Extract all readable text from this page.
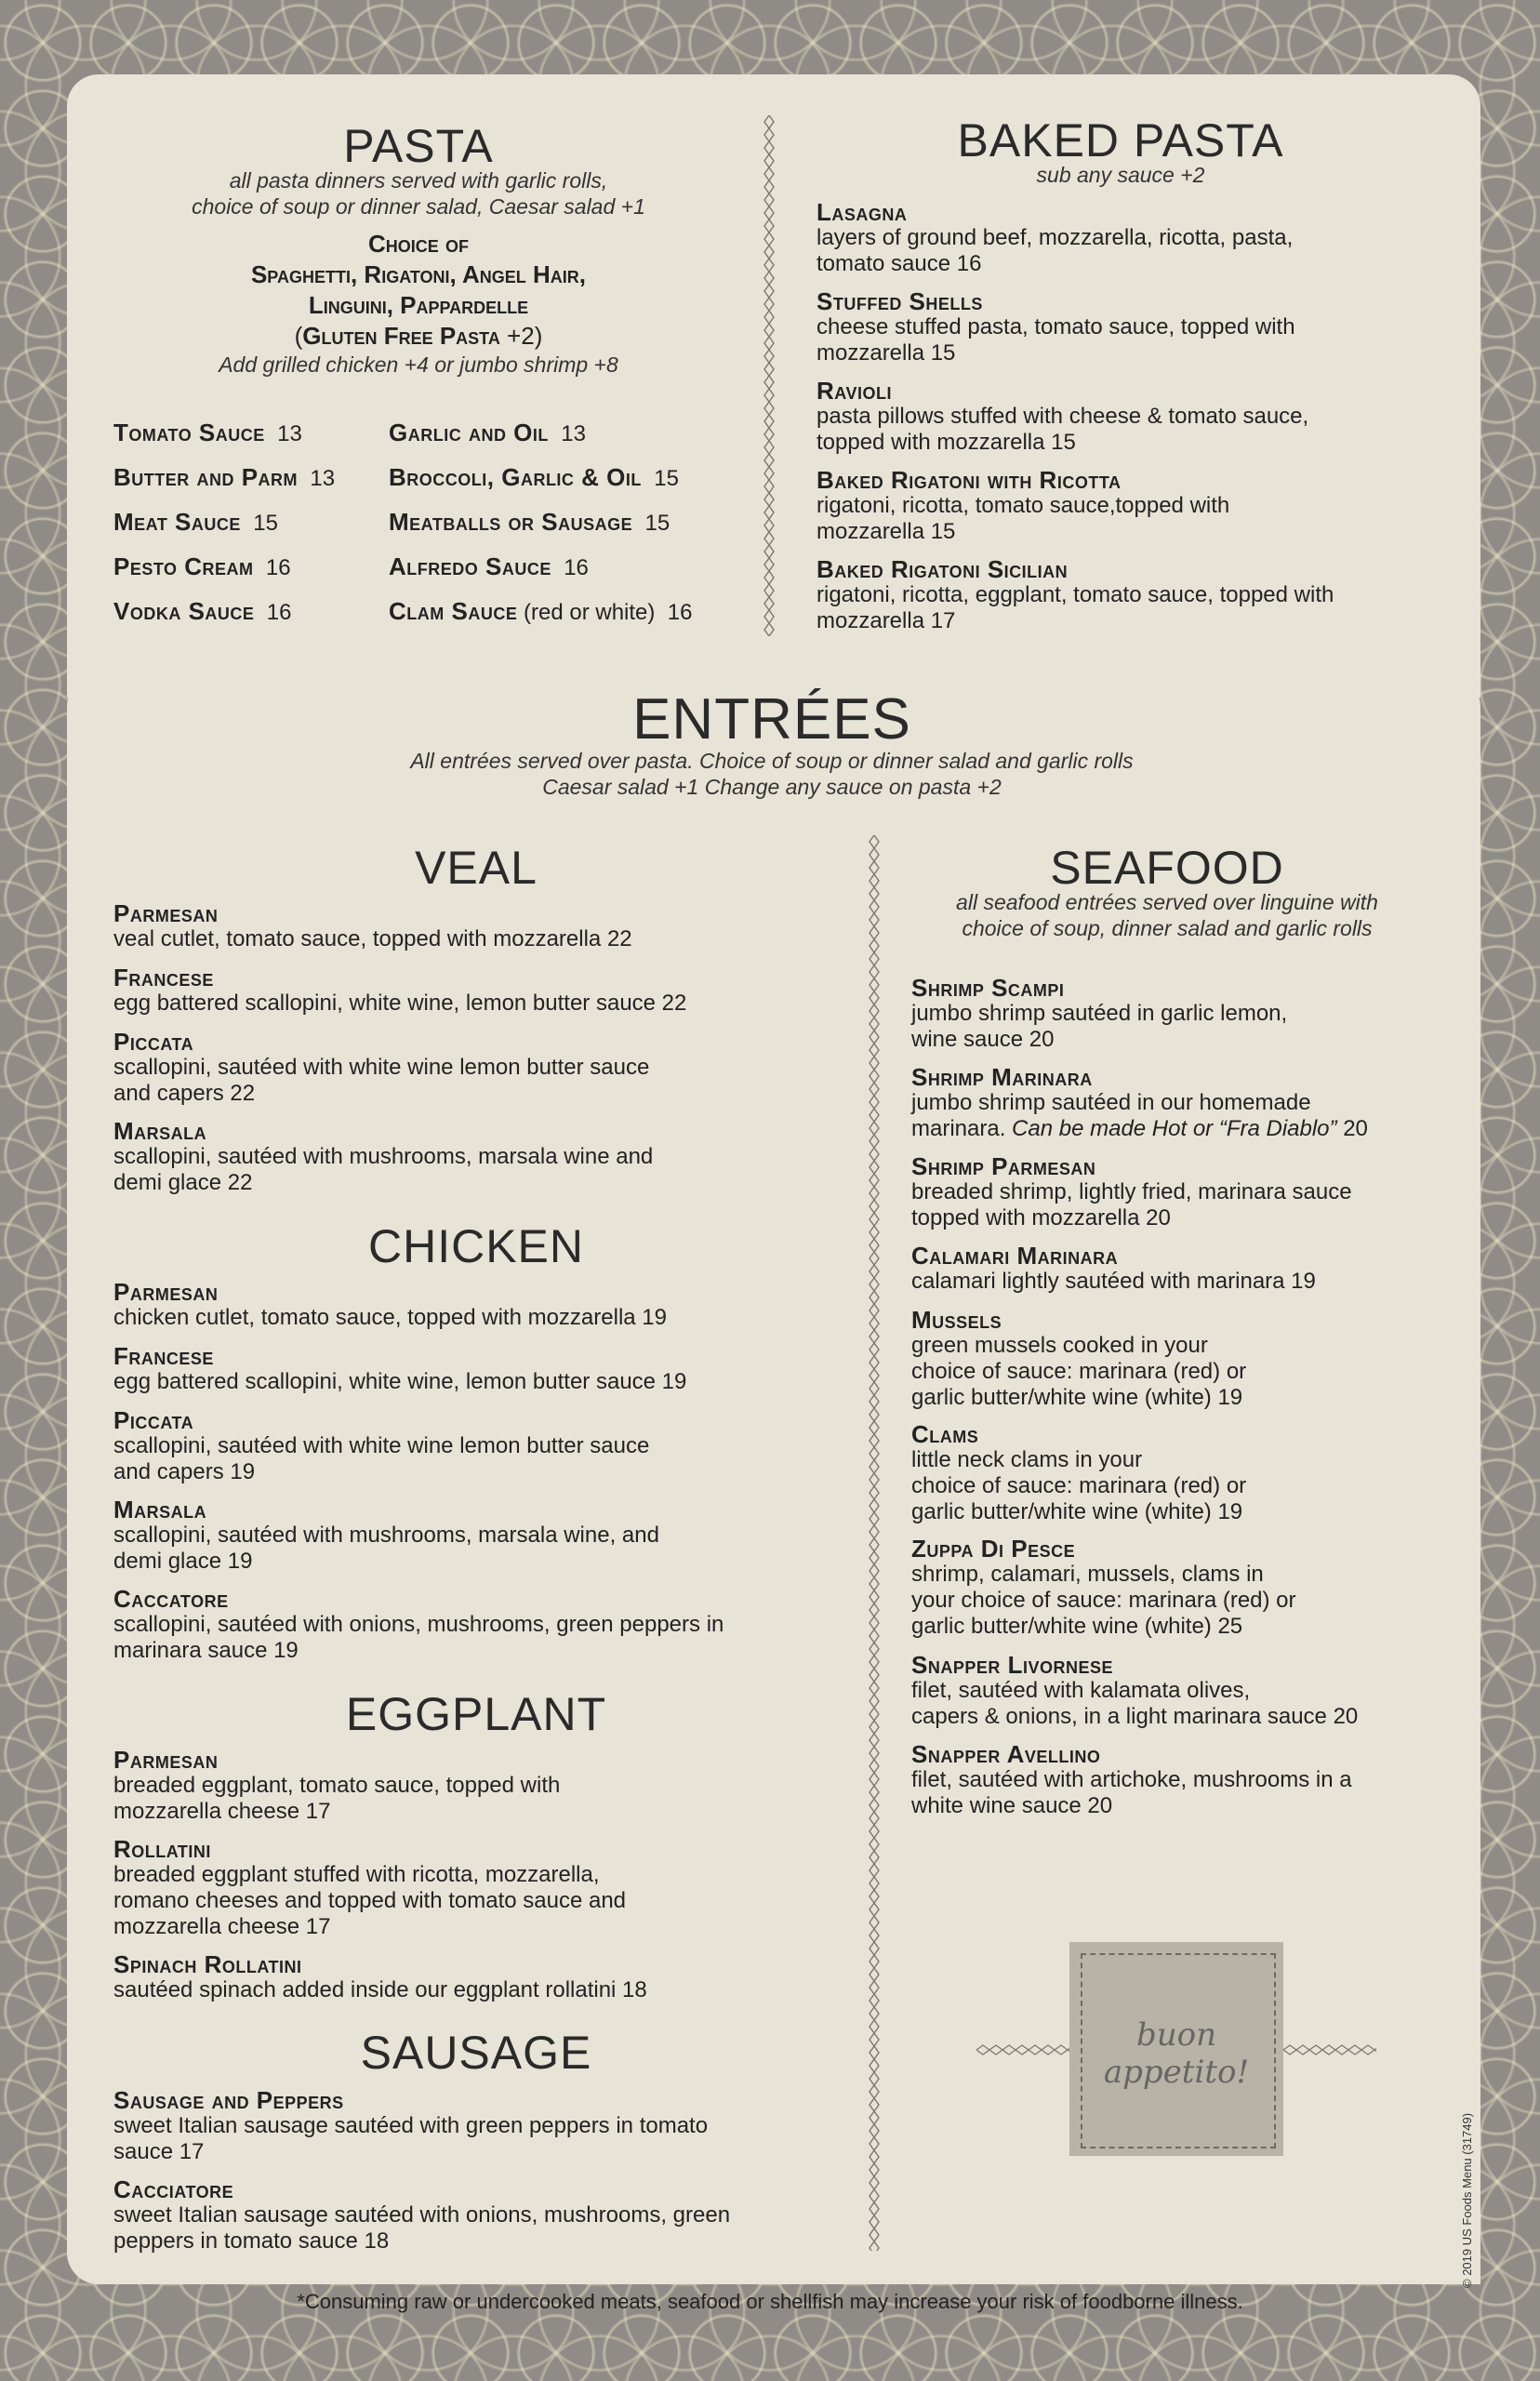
PASTA
all pasta dinners served with garlic rolls,
choice of soup or dinner salad, Caesar salad +1
Choice of
Spaghetti, Rigatoni, Angel Hair,
Linguini, Pappardelle
(Gluten Free Pasta +2)
Add grilled chicken +4 or jumbo shrimp +8
Tomato Sauce 13
Butter and Parm 13
Meat Sauce 15
Pesto Cream 16
Vodka Sauce 16
Garlic and Oil 13
Broccoli, Garlic & Oil 15
Meatballs or Sausage 15
Alfredo Sauce 16
Clam Sauce (red or white) 16
BAKED PASTA
sub any sauce +2
Lasagna
layers of ground beef, mozzarella, ricotta, pasta,
tomato sauce 16
Stuffed Shells
cheese stuffed pasta, tomato sauce, topped with
mozzarella 15
Ravioli
pasta pillows stuffed with cheese & tomato sauce,
topped with mozzarella 15
Baked Rigatoni with Ricotta
rigatoni, ricotta, tomato sauce,topped with
mozzarella 15
Baked Rigatoni Sicilian
rigatoni, ricotta, eggplant, tomato sauce, topped with
mozzarella 17
ENTRÉES
All entrées served over pasta. Choice of soup or dinner salad and garlic rolls
Caesar salad +1 Change any sauce on pasta +2
VEAL
Parmesan
veal cutlet, tomato sauce, topped with mozzarella 22
Francese
egg battered scallopini, white wine, lemon butter sauce 22
Piccata
scallopini, sautéed with white wine lemon butter sauce
and capers 22
Marsala
scallopini, sautéed with mushrooms, marsala wine and
demi glace 22
CHICKEN
Parmesan
chicken cutlet, tomato sauce, topped with mozzarella 19
Francese
egg battered scallopini, white wine, lemon butter sauce 19
Piccata
scallopini, sautéed with white wine lemon butter sauce
and capers 19
Marsala
scallopini, sautéed with mushrooms, marsala wine, and
demi glace 19
Caccatore
scallopini, sautéed with onions, mushrooms, green peppers in
marinara sauce 19
EGGPLANT
Parmesan
breaded eggplant, tomato sauce, topped with
mozzarella cheese 17
Rollatini
breaded eggplant stuffed with ricotta, mozzarella,
romano cheeses and topped with tomato sauce and
mozzarella cheese 17
Spinach Rollatini
sautéed spinach added inside our eggplant rollatini 18
SAUSAGE
Sausage and Peppers
sweet Italian sausage sautéed with green peppers in tomato
sauce 17
Cacciatore
sweet Italian sausage sautéed with onions, mushrooms, green
peppers in tomato sauce 18
SEAFOOD
all seafood entrées served over linguine with
choice of soup, dinner salad and garlic rolls
Shrimp Scampi
jumbo shrimp sautéed in garlic lemon,
wine sauce 20
Shrimp Marinara
jumbo shrimp sautéed in our homemade
marinara. Can be made Hot or “Fra Diablo” 20
Shrimp Parmesan
breaded shrimp, lightly fried, marinara sauce
topped with mozzarella 20
Calamari Marinara
calamari lightly sautéed with marinara 19
Mussels
green mussels cooked in your
choice of sauce: marinara (red) or
garlic butter/white wine (white) 19
Clams
little neck clams in your
choice of sauce: marinara (red) or
garlic butter/white wine (white) 19
Zuppa Di Pesce
shrimp, calamari, mussels, clams in
your choice of sauce: marinara (red) or
garlic butter/white wine (white) 25
Snapper Livornese
filet, sautéed with kalamata olives,
capers & onions, in a light marinara sauce 20
Snapper Avellino
filet, sautéed with artichoke, mushrooms in a
white wine sauce 20
buon appetito!
*Consuming raw or undercooked meats, seafood or shellfish may increase your risk of foodborne illness.
© 2019 US Foods Menu (31749)
